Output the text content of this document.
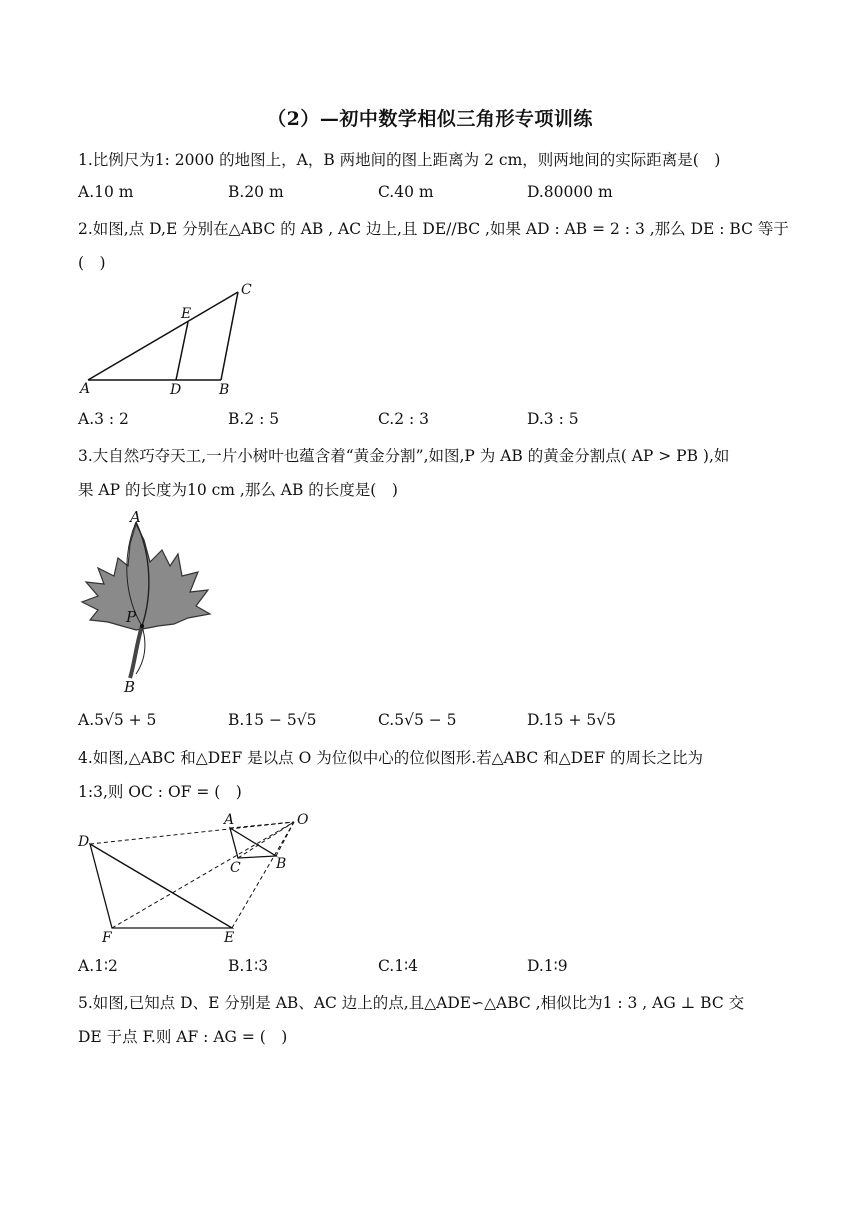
（2）—初中数学相似三角形专项训练
1.比例尺为1: 2000 的地图上，A，B 两地间的图上距离为 2 cm，则两地间的实际距离是(　)
A.10 m	B.20 m	C.40 m	D.80000 m
2.如图,点 D,E 分别在△ABC 的 AB , AC 边上,且 DE//BC ,如果 AD : AB = 2 : 3 ,那么 DE : BC 等于
(　)
A	D	B
E
C
A.3 : 2	B.2 : 5	C.2 : 3	D.3 : 5
3.大自然巧夺天工,一片小树叶也蕴含着“黄金分割”,如图,P 为 AB 的黄金分割点( AP > PB ),如
果 AP 的长度为10 cm ,那么 AB 的长度是(　)
A
P
B
A.5√5 + 5	B.15 − 5√5	C.5√5 − 5	D.15 + 5√5
4.如图,△ABC 和△DEF 是以点 O 为位似中心的位似图形.若△ABC 和△DEF 的周长之比为
1:3,则 OC : OF = (　)
D
F	E
A
C	B
O
A.1∶2	B.1∶3	C.1∶4	D.1∶9
5.如图,已知点 D、E 分别是 AB、AC 边上的点,且△ADE∽△ABC ,相似比为1 : 3 , AG ⊥ BC 交
DE 于点 F.则 AF : AG = (　)
